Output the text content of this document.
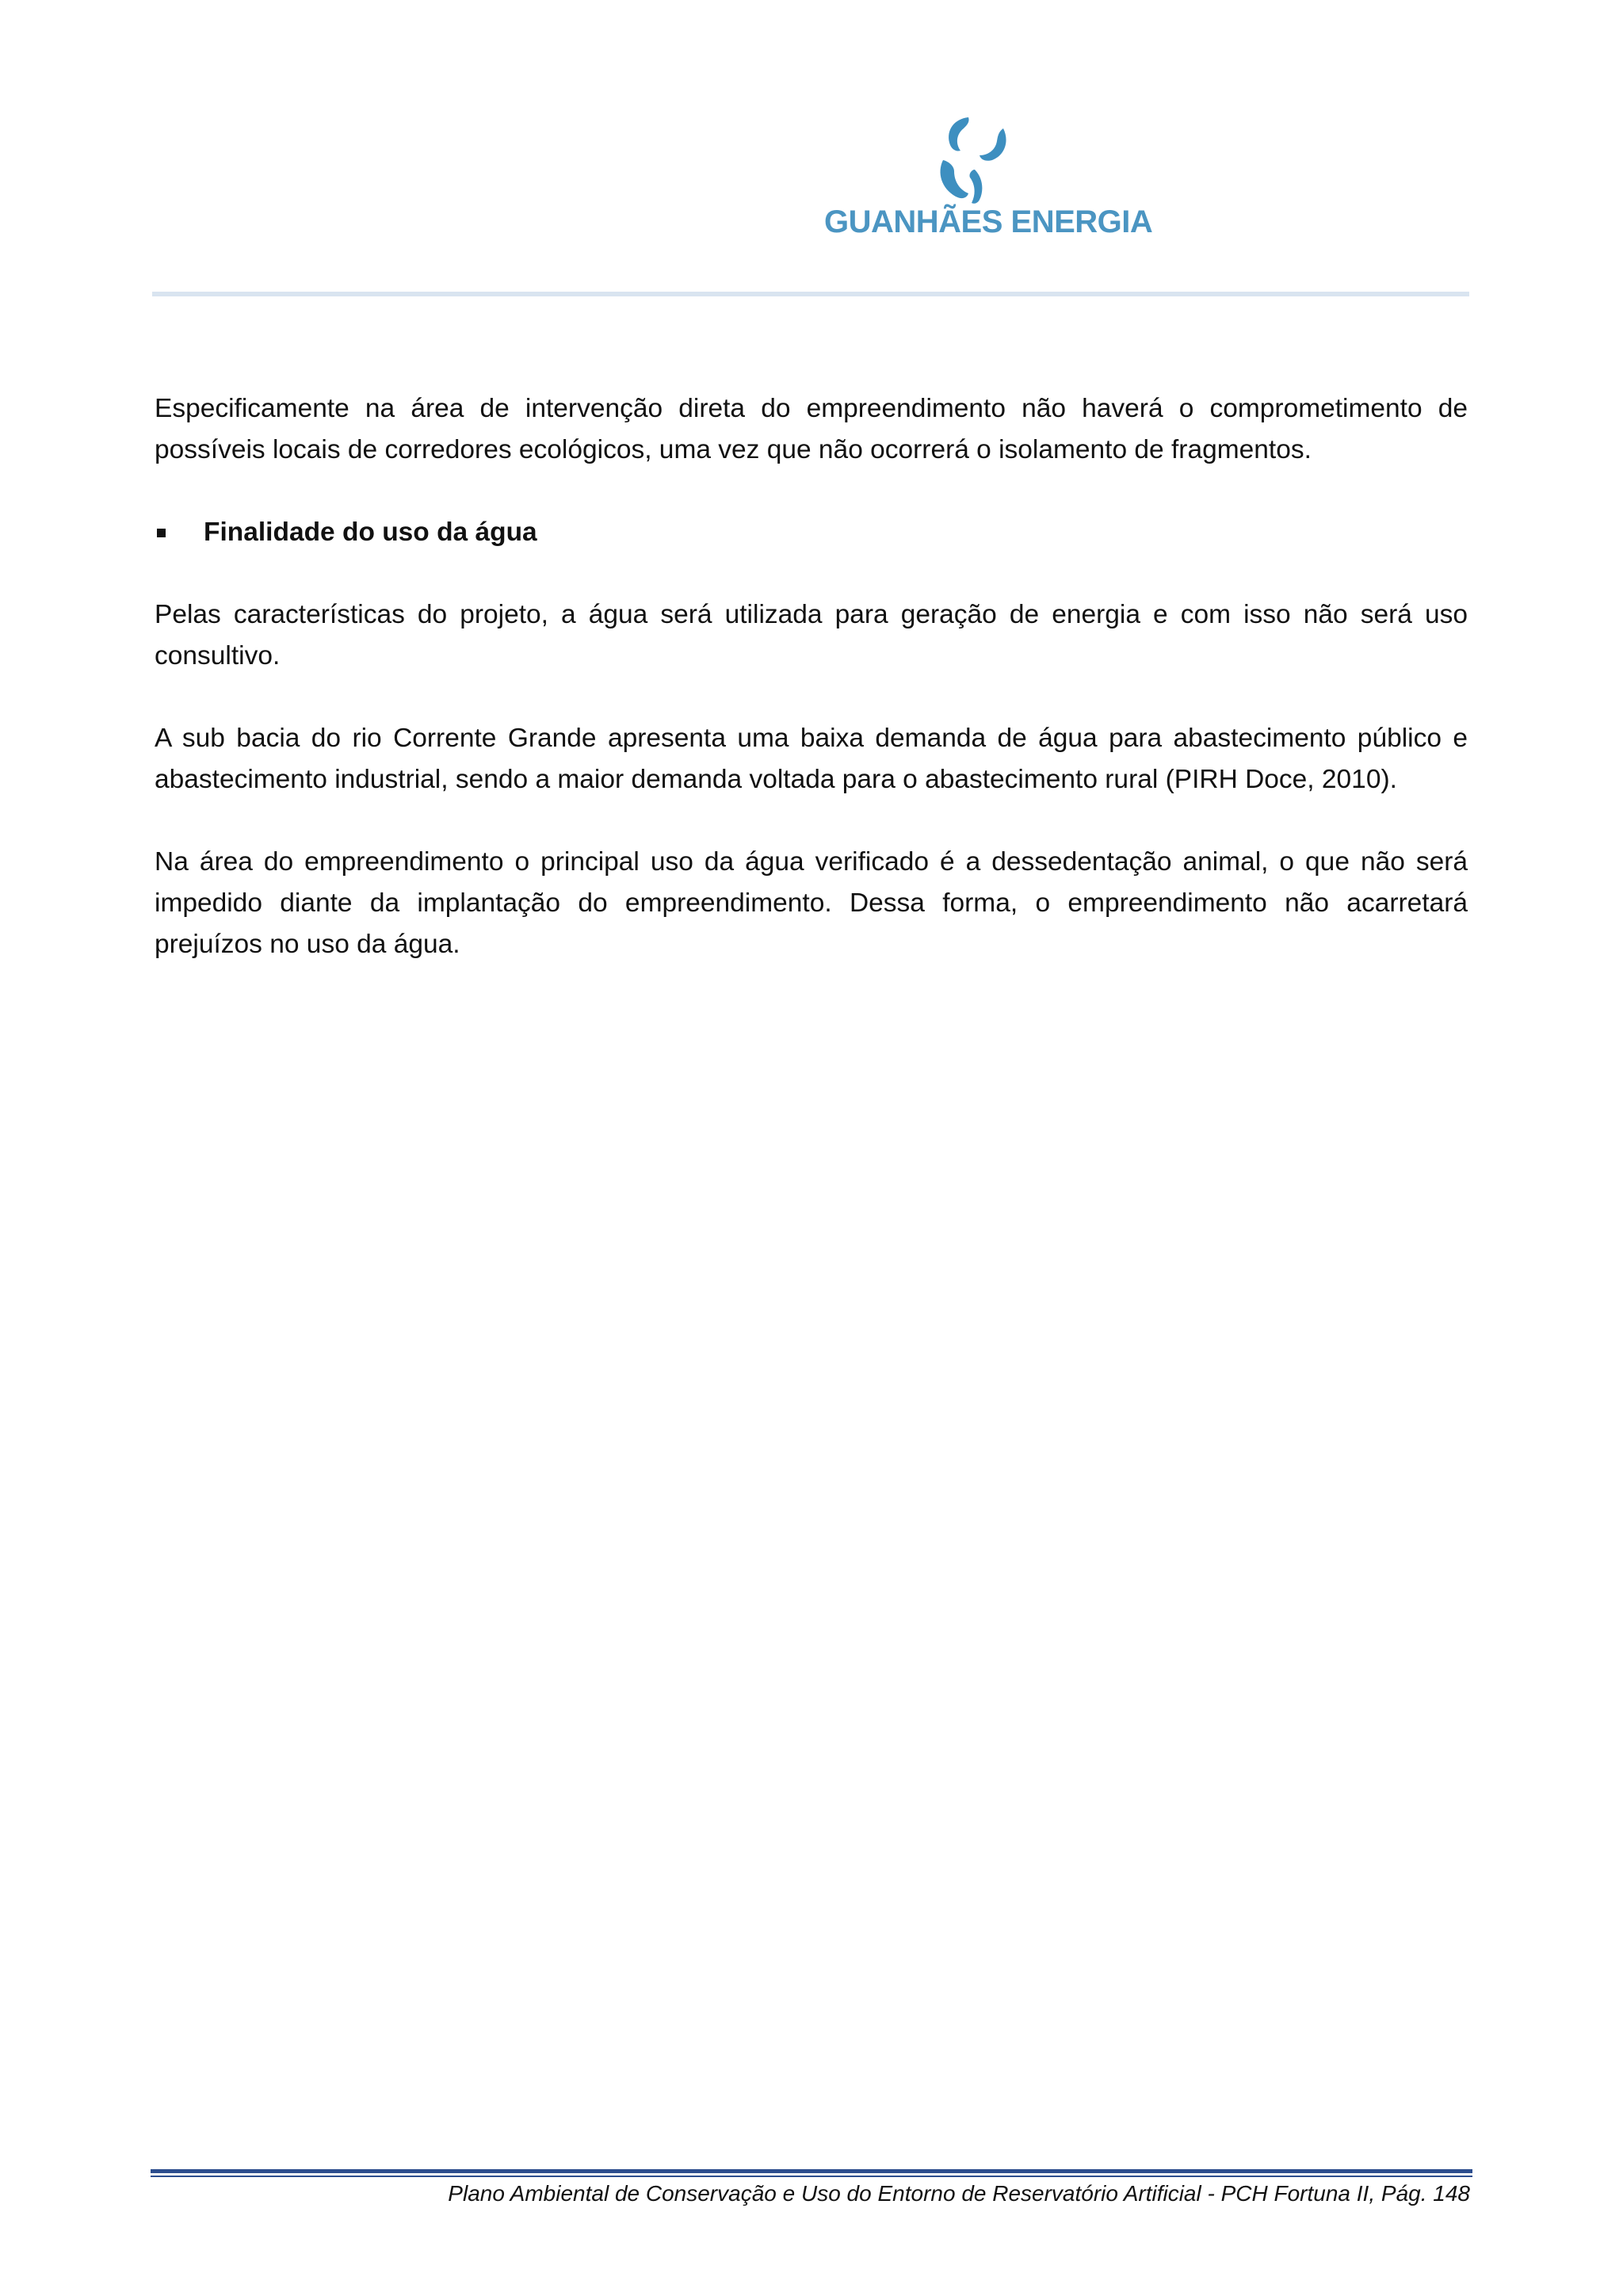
GUANHÃES ENERGIA

Especificamente na área de intervenção direta do empreendimento não haverá o comprometimento de possíveis locais de corredores ecológicos, uma vez que não ocorrerá o isolamento de fragmentos.

Finalidade do uso da água

Pelas características do projeto, a água será utilizada para geração de energia e com isso não será uso consultivo.

A sub bacia do rio Corrente Grande apresenta uma baixa demanda de água para abastecimento público e abastecimento industrial, sendo a maior demanda voltada para o abastecimento rural (PIRH Doce, 2010).

Na área do empreendimento o principal uso da água verificado é a dessedentação animal, o que não será impedido diante da implantação do empreendimento. Dessa forma, o empreendimento não acarretará prejuízos no uso da água.

Plano Ambiental de Conservação e Uso do Entorno de Reservatório Artificial - PCH Fortuna II, Pág. 148
